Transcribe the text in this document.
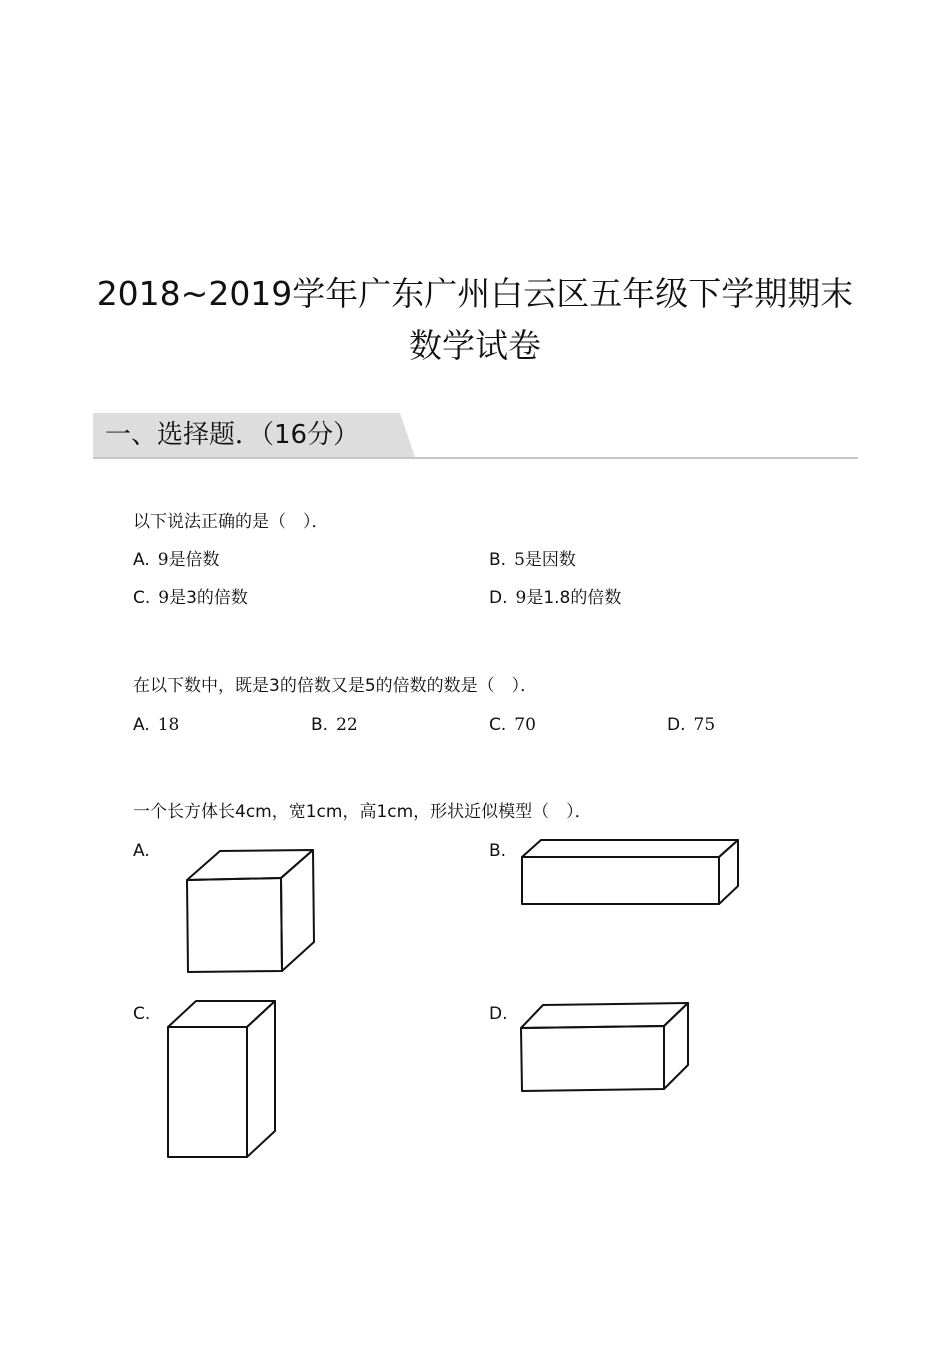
2018~2019学年广东广州白云区五年级下学期期末
数学试卷
一、选择题．（16分）
以下说法正确的是（　）．
A. 9是倍数	B. 5是因数
C. 9是3的倍数	D. 9是1.8的倍数
在以下数中，既是3的倍数又是5的倍数的数是（　）．
A. 18	B. 22	C. 70	D. 75
一个长方体长4cm，宽1cm，高1cm，形状近似模型（　）．
A.	B.
C.	D.
